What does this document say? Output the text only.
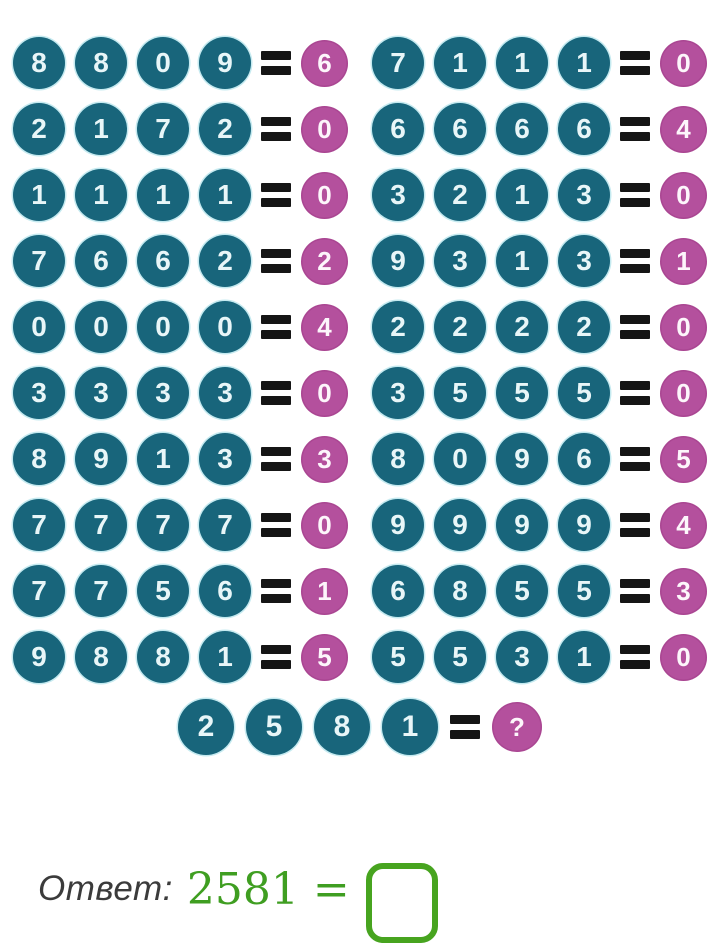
8	8	0	9	6	7	1	1	1	0
2	1	7	2	0	6	6	6	6	4
1	1	1	1	0	3	2	1	3	0
7	6	6	2	2	9	3	1	3	1
0	0	0	0	4	2	2	2	2	0
3	3	3	3	0	3	5	5	5	0
8	9	1	3	3	8	0	9	6	5
7	7	7	7	0	9	9	9	9	4
7	7	5	6	1	6	8	5	5	3
9	8	8	1	5	5	5	3	1	0
2	5	8	1	?
Ответ: 2581 =
